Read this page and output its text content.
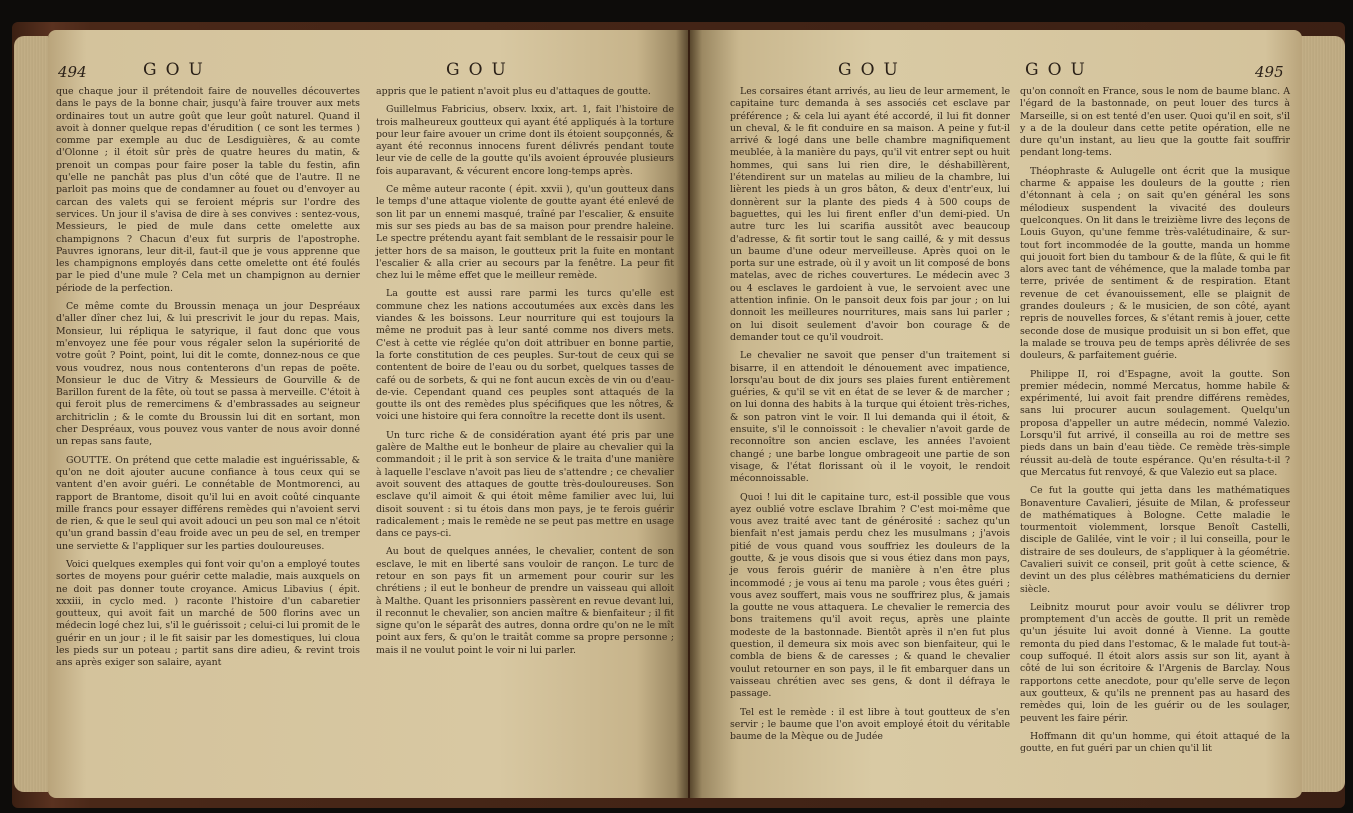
494	GOU	GOU

que chaque jour il prétendoit faire de nouvelles découvertes dans le pays de la bonne chair, jusqu'à faire trouver aux mets ordinaires tout un autre goût que leur goût naturel. Quand il avoit à donner quelque repas d'érudition ( ce sont les termes ) comme par exemple au duc de Lesdiguières, & au comte d'Olonne ; il étoit sûr près de quatre heures du matin, & prenoit un compas pour faire poser la table du festin, afin qu'elle ne panchât pas plus d'un côté que de l'autre. Il ne parloit pas moins que de condamner au fouet ou d'envoyer au carcan des valets qui se feroient mépris sur l'ordre des services. Un jour il s'avisa de dire à ses convives : sentez-vous, Messieurs, le pied de mule dans cette omelette aux champignons ? Chacun d'eux fut surpris de l'apostrophe. Pauvres ignorans, leur dit-il, faut-il que je vous apprenne que les champignons employés dans cette omelette ont été foulés par le pied d'une mule ? Cela met un champignon au dernier période de la perfection.

Ce même comte du Broussin menaça un jour Despréaux d'aller dîner chez lui, & lui prescrivit le jour du repas. Mais, Monsieur, lui répliqua le satyrique, il faut donc que vous m'envoyez une fée pour vous régaler selon la supériorité de votre goût ? Point, point, lui dit le comte, donnez-nous ce que vous voudrez, nous nous contenterons d'un repas de poëte. Monsieur le duc de Vitry & Messieurs de Gourville & de Barillon furent de la fête, où tout se passa à merveille. C'étoit à qui feroit plus de remercimens & d'embrassades au seigneur architriclin ; & le comte du Broussin lui dit en sortant, mon cher Despréaux, vous pouvez vous vanter de nous avoir donné un repas sans faute,

GOUTTE. On prétend que cette maladie est inguérissable, & qu'on ne doit ajouter aucune confiance à tous ceux qui se vantent d'en avoir guéri. Le connétable de Montmorenci, au rapport de Brantome, disoit qu'il lui en avoit coûté cinquante mille francs pour essayer différens remèdes qui n'avoient servi de rien, & que le seul qui avoit adouci un peu son mal ce n'étoit qu'un grand bassin d'eau froide avec un peu de sel, en tremper une serviette & l'appliquer sur les parties douloureuses.

Voici quelques exemples qui font voir qu'on a employé toutes sortes de moyens pour guérir cette maladie, mais auxquels on ne doit pas donner toute croyance. Amicus Libavius ( épit. xxxiii, in cyclo med. ) raconte l'histoire d'un cabaretier goutteux, qui avoit fait un marché de 500 florins avec un médecin logé chez lui, s'il le guérissoit ; celui-ci lui promit de le guérir en un jour ; il le fit saisir par les domestiques, lui cloua les pieds sur un poteau ; partit sans dire adieu, & revint trois ans après exiger son salaire, ayant

appris que le patient n'avoit plus eu d'attaques de goutte.

Guillelmus Fabricius, observ. lxxix, art. 1, fait l'histoire de trois malheureux goutteux qui ayant été appliqués à la torture pour leur faire avouer un crime dont ils étoient soupçonnés, & ayant été reconnus innocens furent délivrés pendant toute leur vie de celle de la goutte qu'ils avoient éprouvée plusieurs fois auparavant, & vécurent encore long-temps après.

Ce même auteur raconte ( épit. xxvii ), qu'un goutteux dans le temps d'une attaque violente de goutte ayant été enlevé de son lit par un ennemi masqué, traîné par l'escalier, & ensuite mis sur ses pieds au bas de sa maison pour prendre haleine. Le spectre prétendu ayant fait semblant de le ressaisir pour le jetter hors de sa maison, le goutteux prit la fuite en montant l'escalier & alla crier au secours par la fenêtre. La peur fit chez lui le même effet que le meilleur remède.

La goutte est aussi rare parmi les turcs qu'elle est commune chez les nations accoutumées aux excès dans les viandes & les boissons. Leur nourriture qui est toujours la même ne produit pas à leur santé comme nos divers mets. C'est à cette vie réglée qu'on doit attribuer en bonne partie, la forte constitution de ces peuples. Sur-tout de ceux qui se contentent de boire de l'eau ou du sorbet, quelques tasses de café ou de sorbets, & qui ne font aucun excès de vin ou d'eau-de-vie. Cependant quand ces peuples sont attaqués de la goutte ils ont des remèdes plus spécifiques que les nôtres, & voici une histoire qui fera connoître la recette dont ils usent.

Un turc riche & de considération ayant été pris par une galère de Malthe eut le bonheur de plaire au chevalier qui la commandoit ; il le prit à son service & le traita d'une manière à laquelle l'esclave n'avoit pas lieu de s'attendre ; ce chevalier avoit souvent des attaques de goutte très-douloureuses. Son esclave qu'il aimoit & qui étoit même familier avec lui, lui disoit souvent : si tu étois dans mon pays, je te ferois guérir radicalement ; mais le remède ne se peut pas mettre en usage dans ce pays-ci.

Au bout de quelques années, le chevalier, content de son esclave, le mit en liberté sans vouloir de rançon. Le turc de retour en son pays fit un armement pour courir sur les chrétiens ; il eut le bonheur de prendre un vaisseau qui alloit à Malthe. Quant les prisonniers passèrent en revue devant lui, il reconnut le chevalier, son ancien maître & bienfaiteur ; il fit signe qu'on le séparât des autres, donna ordre qu'on ne le mît point aux fers, & qu'on le traitât comme sa propre personne ; mais il ne voulut point le voir ni lui parler.

GOU	GOU	495

Les corsaires étant arrivés, au lieu de leur armement, le capitaine turc demanda à ses associés cet esclave par préférence ; & cela lui ayant été accordé, il lui fit donner un cheval, & le fit conduire en sa maison. A peine y fut-il arrivé & logé dans une belle chambre magnifiquement meublée, à la manière du pays, qu'il vit entrer sept ou huit hommes, qui sans lui rien dire, le déshabillèrent, l'étendirent sur un matelas au milieu de la chambre, lui lièrent les pieds à un gros bâton, & deux d'entr'eux, lui donnèrent sur la plante des pieds 4 à 500 coups de baguettes, qui les lui firent enfler d'un demi-pied. Un autre turc les lui scarifia aussitôt avec beaucoup d'adresse, & fit sortir tout le sang caillé, & y mit dessus un baume d'une odeur merveilleuse. Après quoi on le porta sur une estrade, où il y avoit un lit composé de bons matelas, avec de riches couvertures. Le médecin avec 3 ou 4 esclaves le gardoient à vue, le servoient avec une attention infinie. On le pansoit deux fois par jour ; on lui donnoit les meilleures nourritures, mais sans lui parler ; on lui disoit seulement d'avoir bon courage & de demander tout ce qu'il voudroit.

Le chevalier ne savoit que penser d'un traitement si bisarre, il en attendoit le dénouement avec impatience, lorsqu'au bout de dix jours ses plaies furent entièrement guéries, & qu'il se vit en état de se lever & de marcher ; on lui donna des habits à la turque qui étoient très-riches, & son patron vint le voir. Il lui demanda qui il étoit, & ensuite, s'il le connoissoit : le chevalier n'avoit garde de reconnoître son ancien esclave, les années l'avoient changé ; une barbe longue ombrageoit une partie de son visage, & l'état florissant où il le voyoit, le rendoit méconnoissable.

Quoi ! lui dit le capitaine turc, est-il possible que vous ayez oublié votre esclave Ibrahim ? C'est moi-même que vous avez traité avec tant de générosité : sachez qu'un bienfait n'est jamais perdu chez les musulmans ; j'avois pitié de vous quand vous souffriez les douleurs de la goutte, & je vous disois que si vous étiez dans mon pays, je vous ferois guérir de manière à n'en être plus incommodé ; je vous ai tenu ma parole ; vous êtes guéri ; vous avez souffert, mais vous ne souffrirez plus, & jamais la goutte ne vous attaquera. Le chevalier le remercia des bons traitemens qu'il avoit reçus, après une plainte modeste de la bastonnade. Bientôt après il n'en fut plus question, il demeura six mois avec son bienfaiteur, qui le combla de biens & de caresses ; & quand le chevalier voulut retourner en son pays, il le fit embarquer dans un vaisseau chrétien avec ses gens, & dont il défraya le passage.

Tel est le remède : il est libre à tout goutteux de s'en servir ; le baume que l'on avoit employé étoit du véritable baume de la Mèque ou de Judée

qu'on connoît en France, sous le nom de baume blanc. A l'égard de la bastonnade, on peut louer des turcs à Marseille, si on est tenté d'en user. Quoi qu'il en soit, s'il y a de la douleur dans cette petite opération, elle ne dure qu'un instant, au lieu que la goutte fait souffrir pendant long-tems.

Théophraste & Aulugelle ont écrit que la musique charme & appaise les douleurs de la goutte ; rien d'étonnant à cela ; on sait qu'en général les sons mélodieux suspendent la vivacité des douleurs quelconques. On lit dans le treizième livre des leçons de Louis Guyon, qu'une femme très-valétudinaire, & sur-tout fort incommodée de la goutte, manda un homme qui jouoit fort bien du tambour & de la flûte, & qui le fit alors avec tant de véhémence, que la malade tomba par terre, privée de sentiment & de respiration. Etant revenue de cet évanouissement, elle se plaignit de grandes douleurs ; & le musicien, de son côté, ayant repris de nouvelles forces, & s'étant remis à jouer, cette seconde dose de musique produisit un si bon effet, que la malade se trouva peu de temps après délivrée de ses douleurs, & parfaitement guérie.

Philippe II, roi d'Espagne, avoit la goutte. Son premier médecin, nommé Mercatus, homme habile & expérimenté, lui avoit fait prendre différens remèdes, sans lui procurer aucun soulagement. Quelqu'un proposa d'appeller un autre médecin, nommé Valezio. Lorsqu'il fut arrivé, il conseilla au roi de mettre ses pieds dans un bain d'eau tiède. Ce remède très-simple réussit au-delà de toute espérance. Qu'en résulta-t-il ? que Mercatus fut renvoyé, & que Valezio eut sa place.

Ce fut la goutte qui jetta dans les mathématiques Bonaventure Cavalieri, jésuite de Milan, & professeur de mathématiques à Bologne. Cette maladie le tourmentoit violemment, lorsque Benoît Castelli, disciple de Galilée, vint le voir ; il lui conseilla, pour le distraire de ses douleurs, de s'appliquer à la géométrie. Cavalieri suivit ce conseil, prit goût à cette science, & devint un des plus célèbres mathématiciens du dernier siècle.

Leibnitz mourut pour avoir voulu se délivrer trop promptement d'un accès de goutte. Il prit un remède qu'un jésuite lui avoit donné à Vienne. La goutte remonta du pied dans l'estomac, & le malade fut tout-à-coup suffoqué. Il étoit alors assis sur son lit, ayant à côté de lui son écritoire & l'Argenis de Barclay. Nous rapportons cette anecdote, pour qu'elle serve de leçon aux goutteux, & qu'ils ne prennent pas au hasard des remèdes qui, loin de les guérir ou de les soulager, peuvent les faire périr.

Hoffmann dit qu'un homme, qui étoit attaqué de la goutte, en fut guéri par un chien qu'il lit
